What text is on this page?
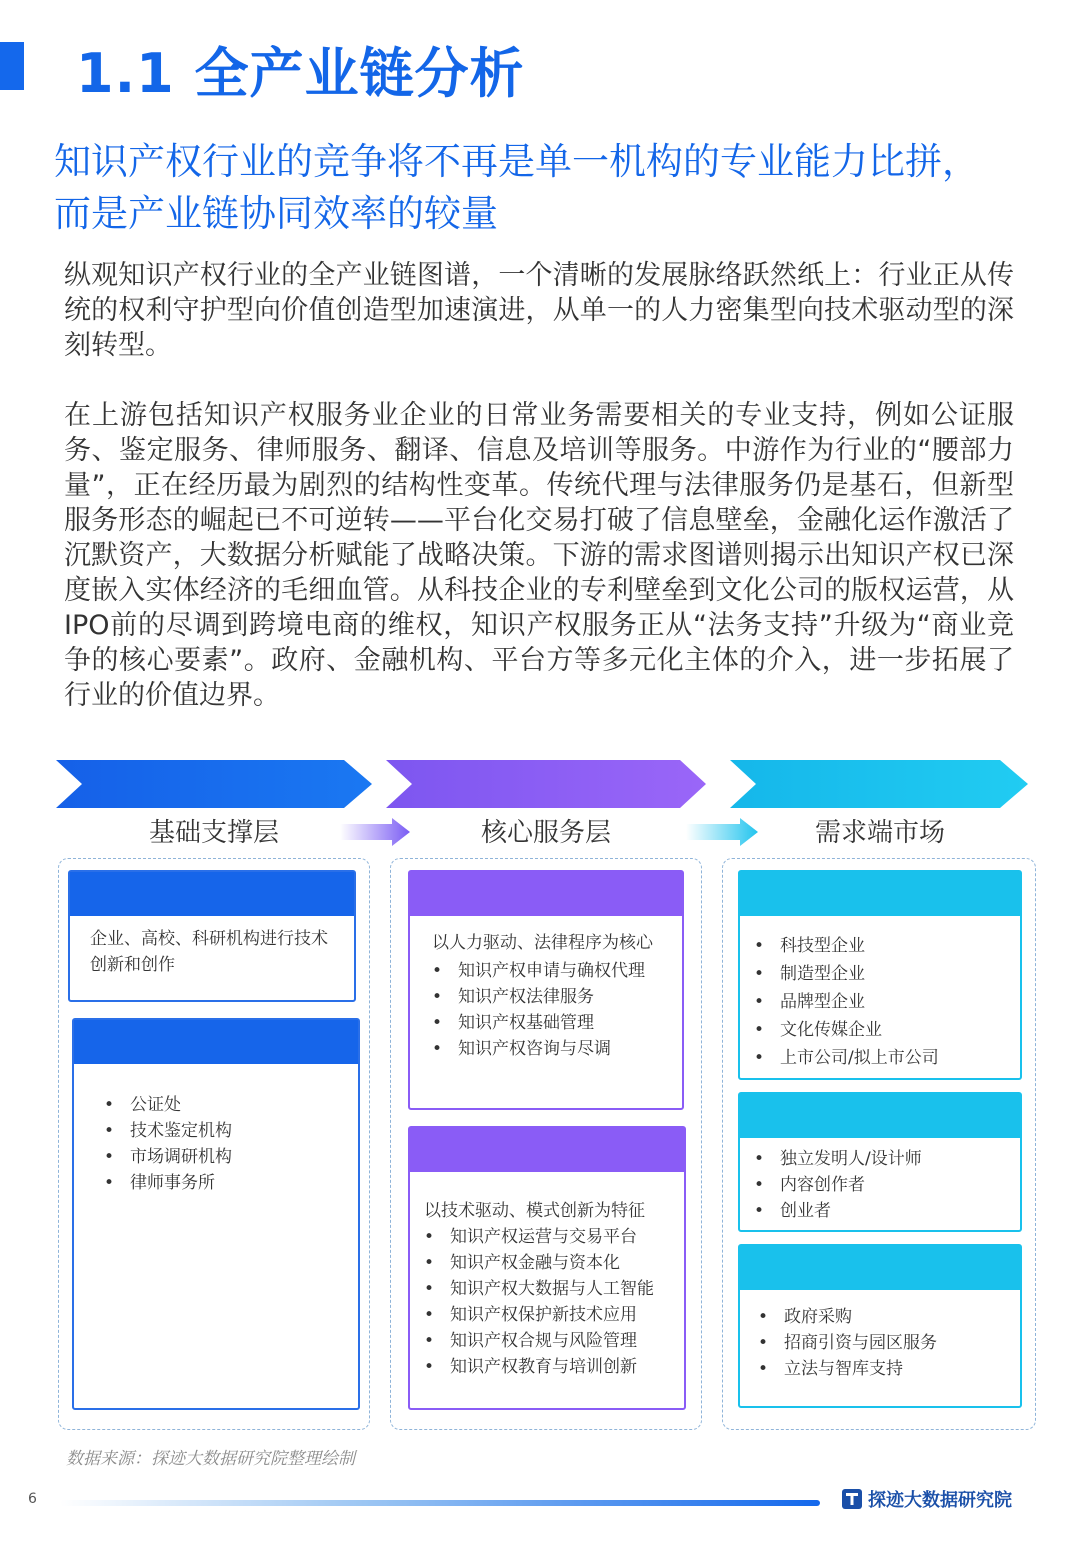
1.1 全产业链分析
知识产权行业的竞争将不再是单一机构的专业能力比拼，
而是产业链协同效率的较量
纵观知识产权行业的全产业链图谱，一个清晰的发展脉络跃然纸上：行业正从传统的权利守护型向价值创造型加速演进，从单一的人力密集型向技术驱动型的深刻转型。
在上游包括知识产权服务业企业的日常业务需要相关的专业支持，例如公证服务、鉴定服务、律师服务、翻译、信息及培训等服务。中游作为行业的“腰部力量”，正在经历最为剧烈的结构性变革。传统代理与法律服务仍是基石，但新型服务形态的崛起已不可逆转——平台化交易打破了信息壁垒，金融化运作激活了沉默资产，大数据分析赋能了战略决策。下游的需求图谱则揭示出知识产权已深度嵌入实体经济的毛细血管。从科技企业的专利壁垒到文化公司的版权运营，从IPO前的尽调到跨境电商的维权，知识产权服务正从“法务支持”升级为“商业竞争的核心要素”。政府、金融机构、平台方等多元化主体的介入，进一步拓展了行业的价值边界。
基础支撑层	核心服务层	需求端市场
企业、高校、科研机构进行技术创新和创作
• 公证处
• 技术鉴定机构
• 市场调研机构
• 律师事务所
以人力驱动、法律程序为核心
• 知识产权申请与确权代理
• 知识产权法律服务
• 知识产权基础管理
• 知识产权咨询与尽调
以技术驱动、模式创新为特征
• 知识产权运营与交易平台
• 知识产权金融与资本化
• 知识产权大数据与人工智能
• 知识产权保护新技术应用
• 知识产权合规与风险管理
• 知识产权教育与培训创新
• 科技型企业
• 制造型企业
• 品牌型企业
• 文化传媒企业
• 上市公司/拟上市公司
• 独立发明人/设计师
• 内容创作者
• 创业者
• 政府采购
• 招商引资与园区服务
• 立法与智库支持
数据来源：探迹大数据研究院整理绘制
6	探迹大数据研究院
